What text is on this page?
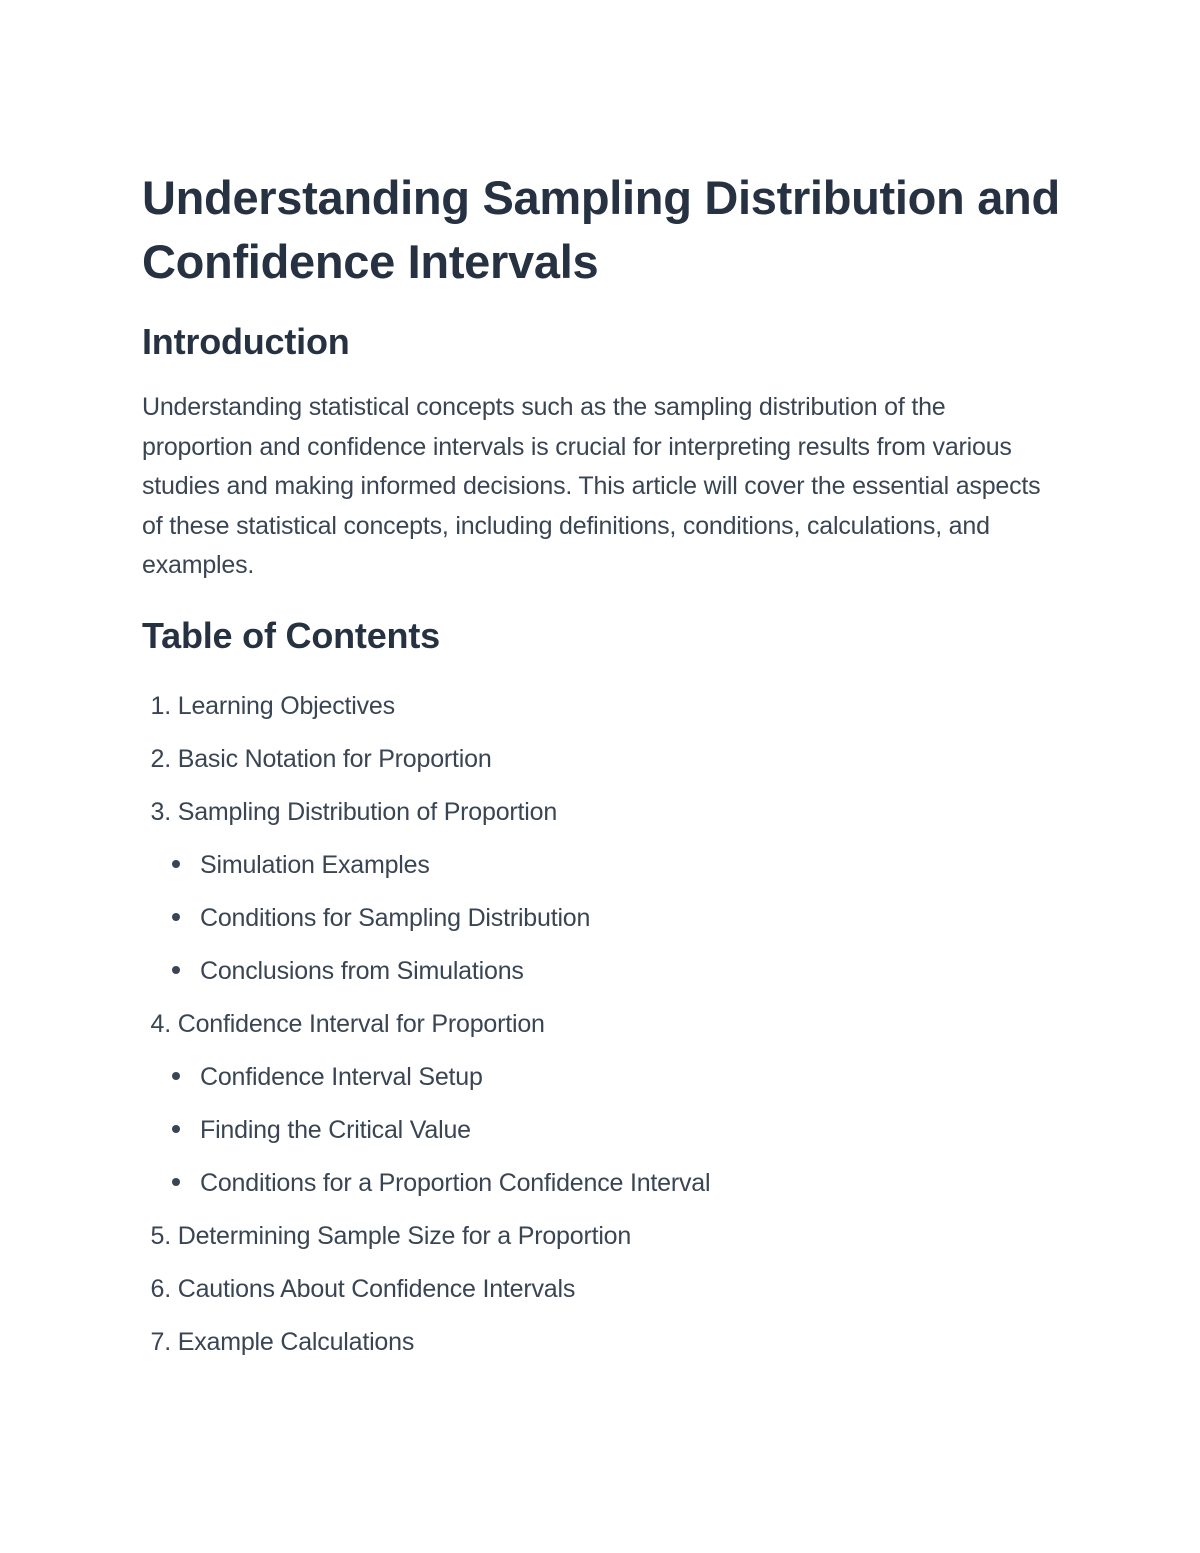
Understanding Sampling Distribution and Confidence Intervals
Introduction

Understanding statistical concepts such as the sampling distribution of the proportion and confidence intervals is crucial for interpreting results from various studies and making informed decisions. This article will cover the essential aspects of these statistical concepts, including definitions, conditions, calculations, and examples.

Table of Contents
1. Learning Objectives
2. Basic Notation for Proportion
3. Sampling Distribution of Proportion
Simulation Examples
Conditions for Sampling Distribution
Conclusions from Simulations
4. Confidence Interval for Proportion
Confidence Interval Setup
Finding the Critical Value
Conditions for a Proportion Confidence Interval
5. Determining Sample Size for a Proportion
6. Cautions About Confidence Intervals
7. Example Calculations
